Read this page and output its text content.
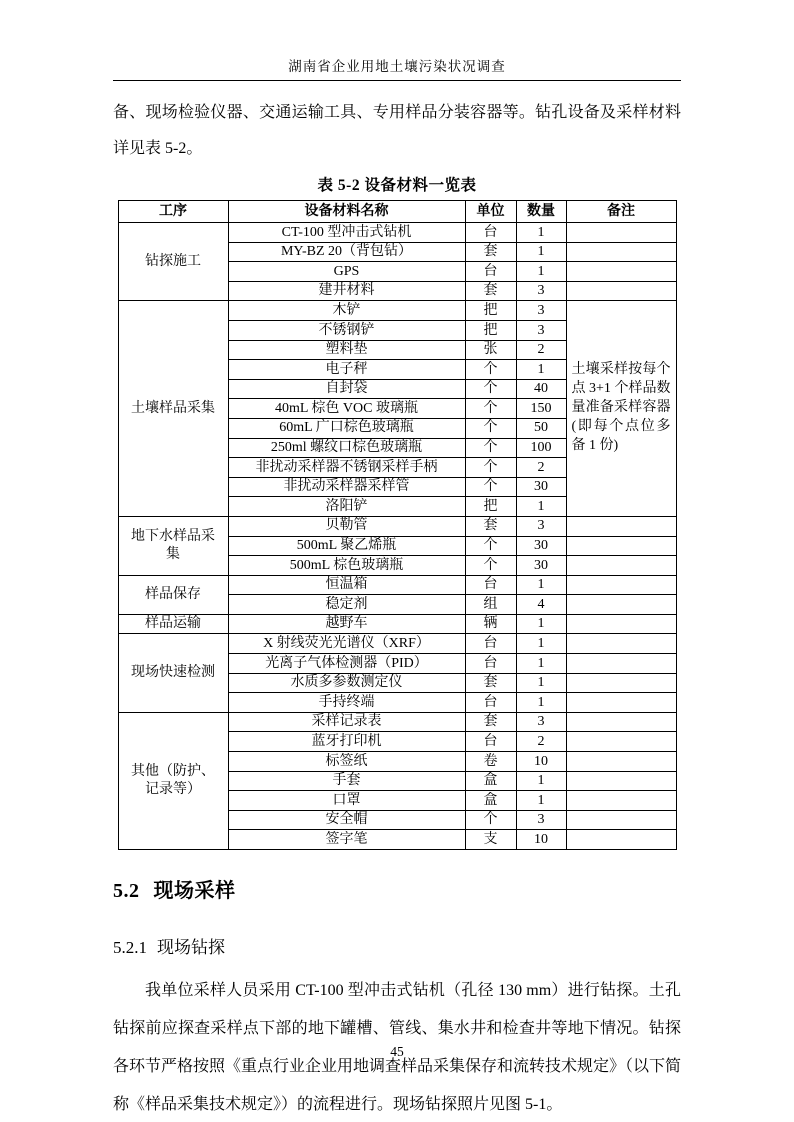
湖南省企业用地土壤污染状况调查

备、现场检验仪器、交通运输工具、专用样品分装容器等。钻孔设备及采样材料详见表 5-2。

表 5-2 设备材料一览表
工序	设备材料名称	单位	数量	备注
钻探施工	CT-100 型冲击式钻机	台	1	
	MY-BZ 20（背包钻）	套	1	
	GPS	台	1	
	建井材料	套	3	
土壤样品采集	木铲	把	3	土壤采样按每个点 3+1 个样品数量准备采样容器(即每个点位多备 1 份)
	不锈钢铲	把	3	
	塑料垫	张	2	
	电子秤	个	1	
	自封袋	个	40	
	40mL 棕色 VOC 玻璃瓶	个	150	
	60mL 广口棕色玻璃瓶	个	50	
	250ml 螺纹口棕色玻璃瓶	个	100	
	非扰动采样器不锈钢采样手柄	个	2	
	非扰动采样器采样管	个	30	
	洛阳铲	把	1	
地下水样品采集	贝勒管	套	3	
	500mL 聚乙烯瓶	个	30	
	500mL 棕色玻璃瓶	个	30	
样品保存	恒温箱	台	1	
	稳定剂	组	4	
样品运输	越野车	辆	1	
现场快速检测	X 射线荧光光谱仪（XRF）	台	1	
	光离子气体检测器（PID）	台	1	
	水质多参数测定仪	套	1	
	手持终端	台	1	
其他（防护、记录等）	采样记录表	套	3	
	蓝牙打印机	台	2	
	标签纸	卷	10	
	手套	盒	1	
	口罩	盒	1	
	安全帽	个	3	
	签字笔	支	10	
5.2 现场采样
5.2.1 现场钻探

我单位采样人员采用 CT-100 型冲击式钻机（孔径 130 mm）进行钻探。土孔钻探前应探查采样点下部的地下罐槽、管线、集水井和检查井等地下情况。钻探各环节严格按照《重点行业企业用地调查样品采集保存和流转技术规定》（以下简称《样品采集技术规定》）的流程进行。现场钻探照片见图 5-1。

45
